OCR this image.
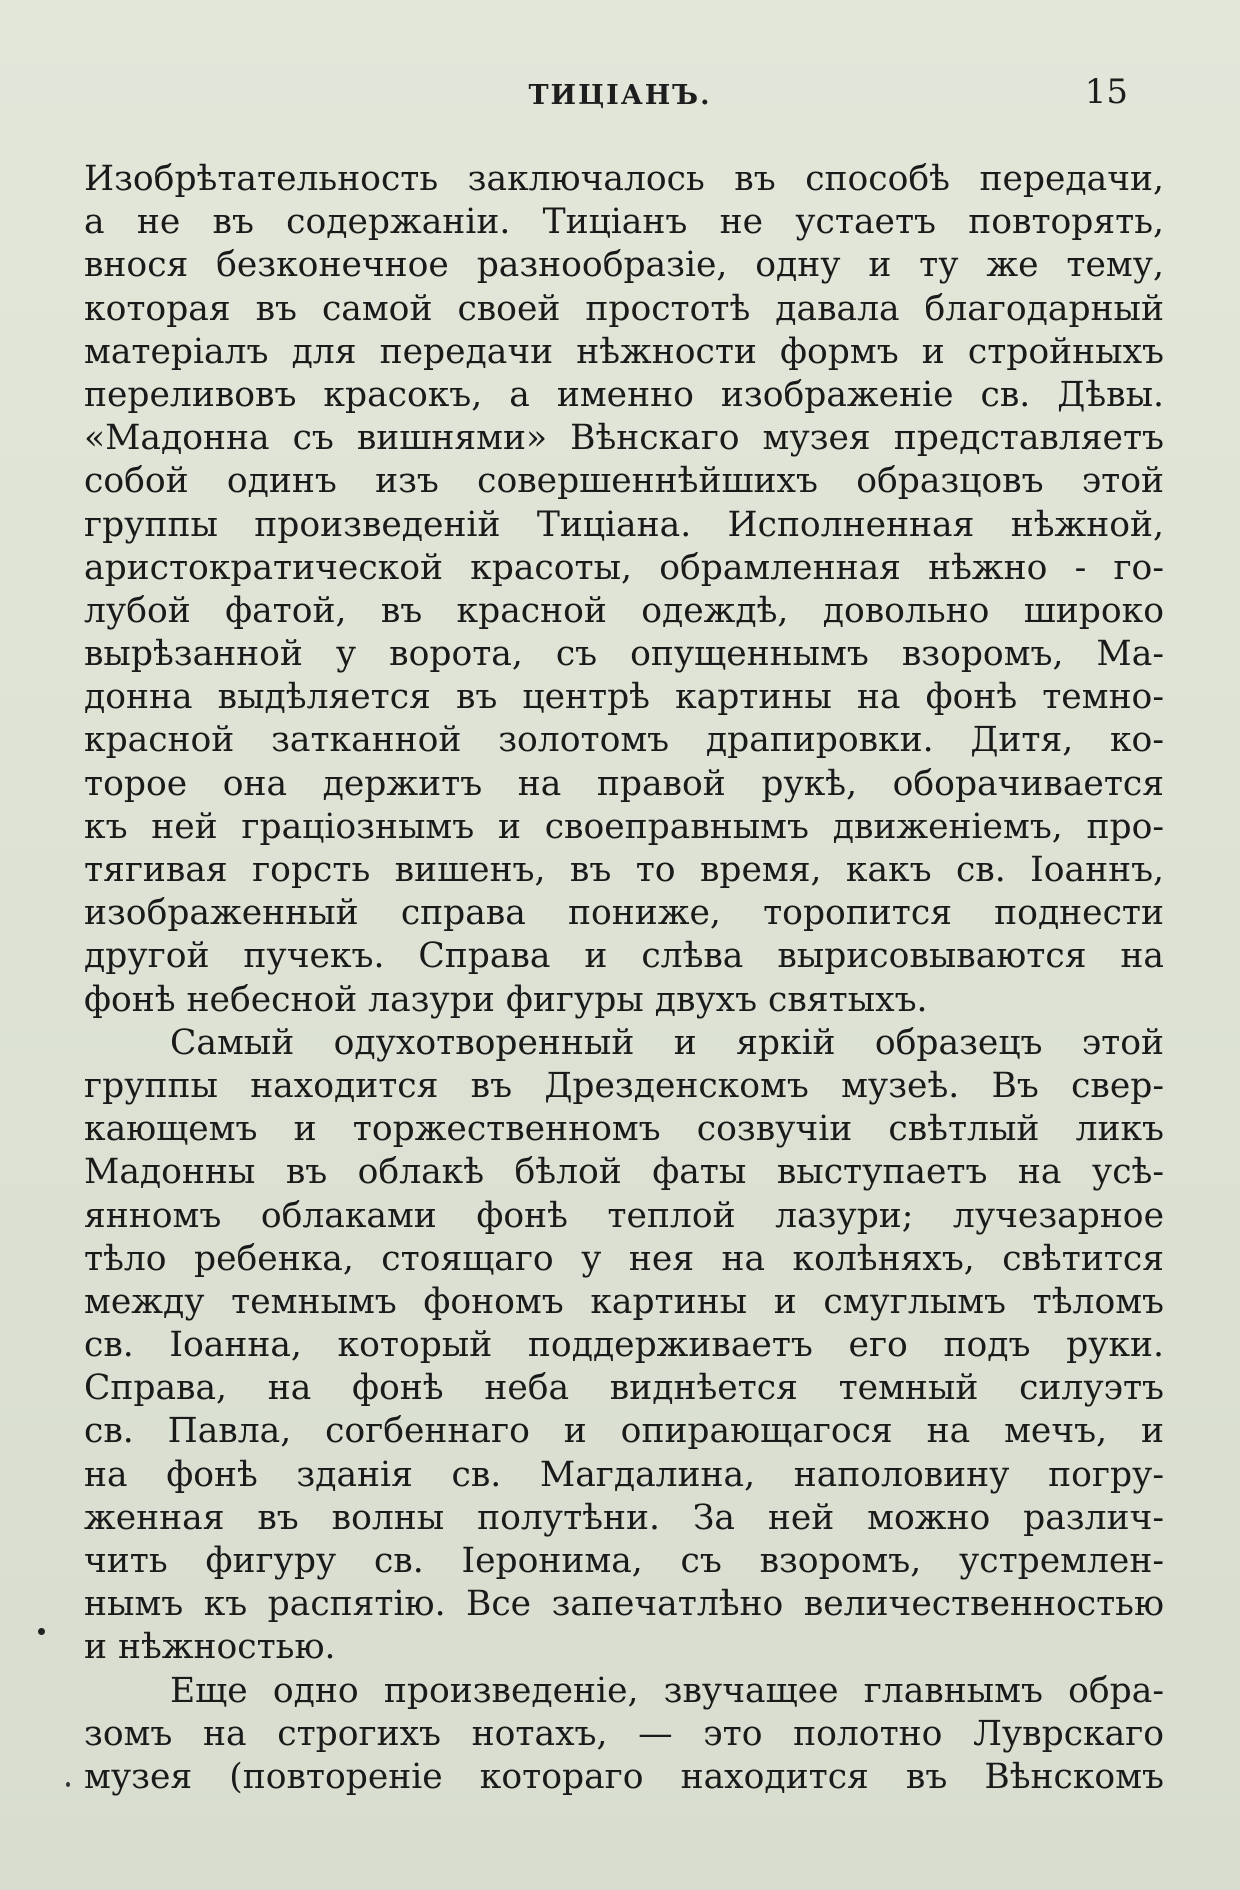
ТИЦІАНЪ.	15
Изобрѣтательность заключалось въ способѣ передачи,
а не въ содержаніи. Тиціанъ не устаетъ повторять,
внося безконечное разнообразіе, одну и ту же тему,
которая въ самой своей простотѣ давала благодарный
матеріалъ для передачи нѣжности формъ и стройныхъ
переливовъ красокъ, а именно изображеніе св. Дѣвы.
«Мадонна съ вишнями» Вѣнскаго музея представляетъ
собой одинъ изъ совершеннѣйшихъ образцовъ этой
группы произведеній Тиціана. Исполненная нѣжной,
аристократической красоты, обрамленная нѣжно - го-
лубой фатой, въ красной одеждѣ, довольно широко
вырѣзанной у ворота, съ опущеннымъ взоромъ, Ма-
донна выдѣляется въ центрѣ картины на фонѣ темно-
красной затканной золотомъ драпировки. Дитя, ко-
торое она держитъ на правой рукѣ, оборачивается
къ ней граціознымъ и своеправнымъ движеніемъ, про-
тягивая горсть вишенъ, въ то время, какъ св. Іоаннъ,
изображенный справа пониже, торопится поднести
другой пучекъ. Справа и слѣва вырисовываются на
фонѣ небесной лазури фигуры двухъ святыхъ.
Самый одухотворенный и яркій образецъ этой
группы находится въ Дрезденскомъ музеѣ. Въ свер-
кающемъ и торжественномъ созвучіи свѣтлый ликъ
Мадонны въ облакѣ бѣлой фаты выступаетъ на усѣ-
янномъ облаками фонѣ теплой лазури; лучезарное
тѣло ребенка, стоящаго у нея на колѣняхъ, свѣтится
между темнымъ фономъ картины и смуглымъ тѣломъ
св. Іоанна, который поддерживаетъ его подъ руки.
Справа, на фонѣ неба виднѣется темный силуэтъ
св. Павла, согбеннаго и опирающагося на мечъ, и
на фонѣ зданія св. Магдалина, наполовину погру-
женная въ волны полутѣни. За ней можно различ-
чить фигуру св. Іеронима, съ взоромъ, устремлен-
нымъ къ распятію. Все запечатлѣно величественностью
и нѣжностью.
Еще одно произведеніе, звучащее главнымъ обра-
зомъ на строгихъ нотахъ, — это полотно Луврскаго
музея (повтореніе котораго находится въ Вѣнскомъ
